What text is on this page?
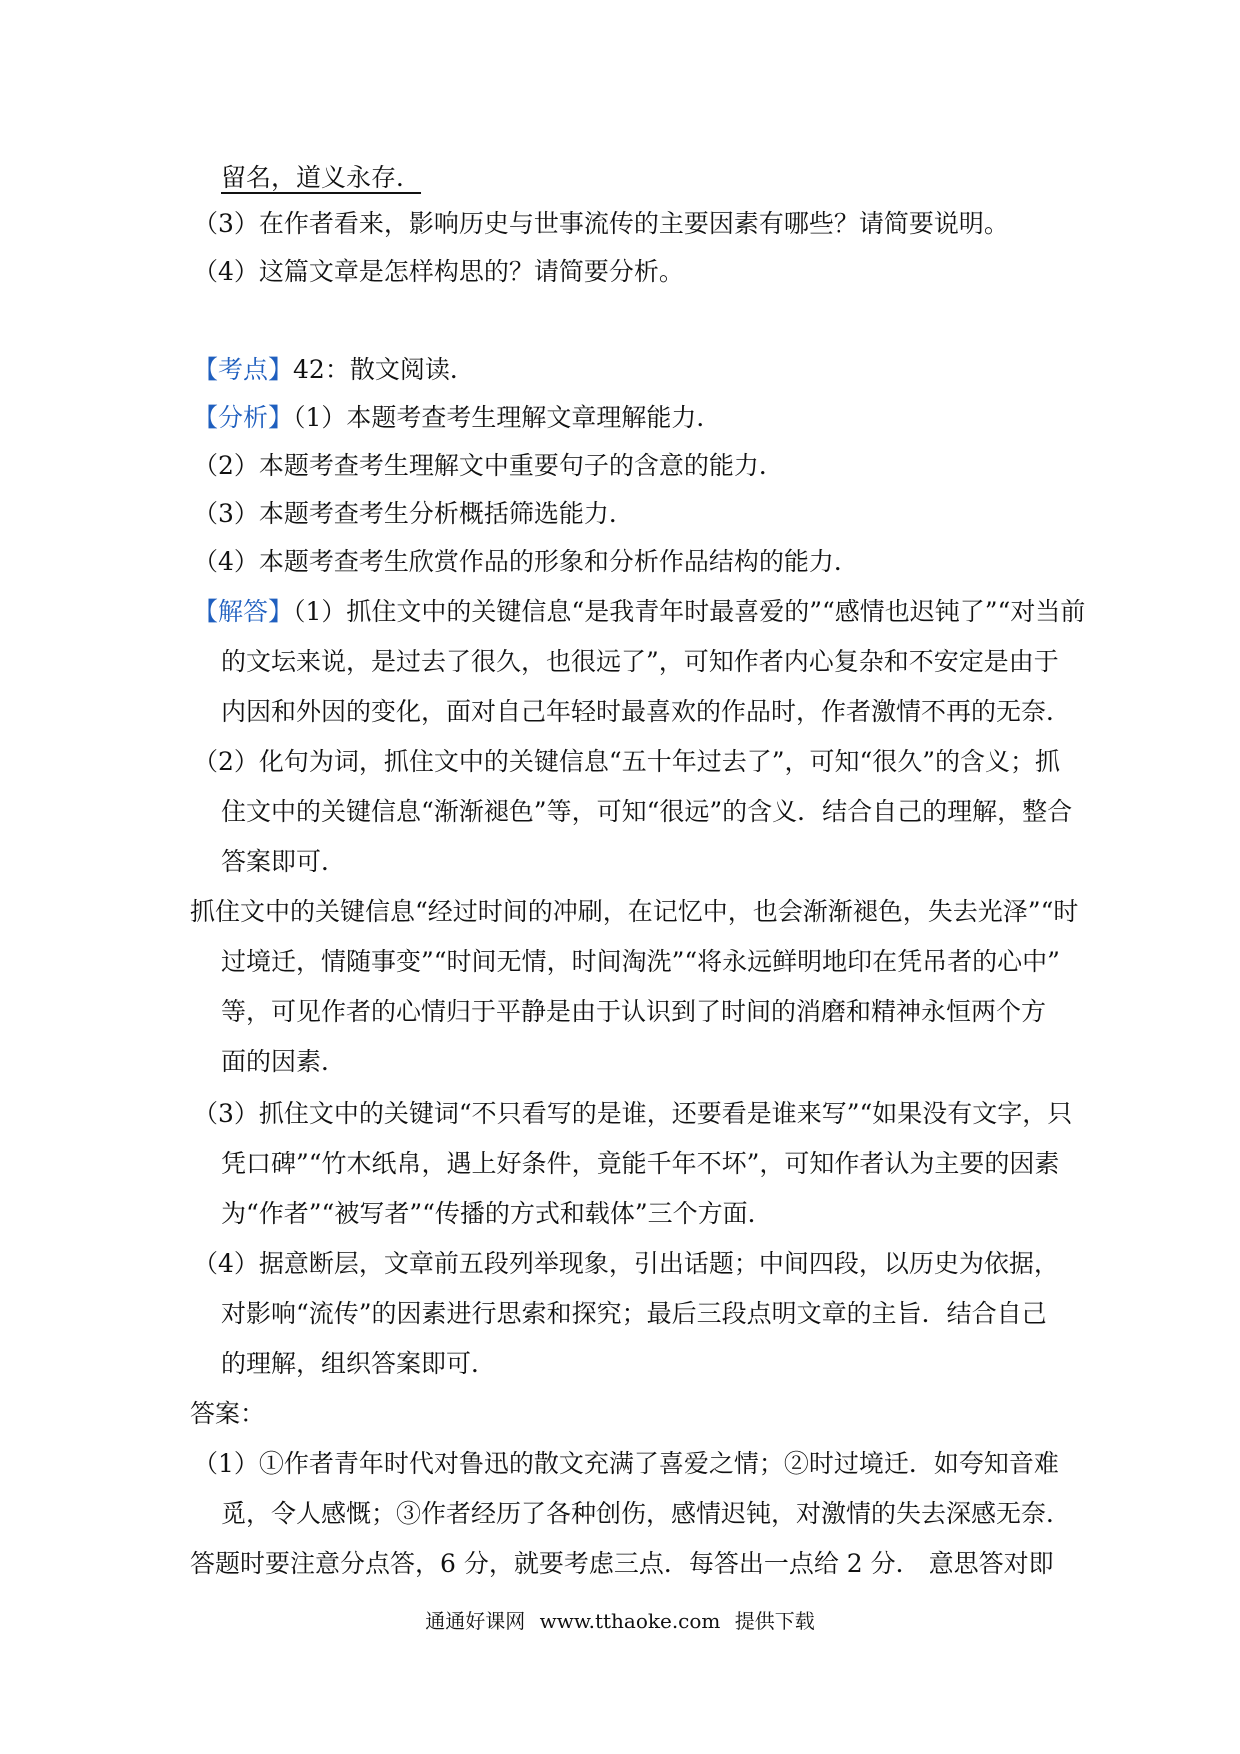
留名，道义永存．
（3）在作者看来，影响历史与世事流传的主要因素有哪些？请简要说明。
（4）这篇文章是怎样构思的？请简要分析。
【考点】42：散文阅读．
【分析】（1）本题考查考生理解文章理解能力．
（2）本题考查考生理解文中重要句子的含意的能力．
（3）本题考查考生分析概括筛选能力．
（4）本题考查考生欣赏作品的形象和分析作品结构的能力．
【解答】（1）抓住文中的关键信息“是我青年时最喜爱的”“感情也迟钝了”“对当前
的文坛来说，是过去了很久，也很远了”，可知作者内心复杂和不安定是由于
内因和外因的变化，面对自己年轻时最喜欢的作品时，作者激情不再的无奈．
（2）化句为词，抓住文中的关键信息“五十年过去了”，可知“很久”的含义；抓
住文中的关键信息“渐渐褪色”等，可知“很远”的含义．结合自己的理解，整合
答案即可．
抓住文中的关键信息“经过时间的冲刷，在记忆中，也会渐渐褪色，失去光泽”“时
过境迁，情随事变”“时间无情，时间淘洗”“将永远鲜明地印在凭吊者的心中”
等，可见作者的心情归于平静是由于认识到了时间的消磨和精神永恒两个方
面的因素．
（3）抓住文中的关键词“不只看写的是谁，还要看是谁来写”“如果没有文字，只
凭口碑”“竹木纸帛，遇上好条件，竟能千年不坏”，可知作者认为主要的因素
为“作者”“被写者”“传播的方式和载体”三个方面．
（4）据意断层，文章前五段列举现象，引出话题；中间四段，以历史为依据，
对影响“流传”的因素进行思索和探究；最后三段点明文章的主旨．结合自己
的理解，组织答案即可．
答案：
（1）①作者青年时代对鲁迅的散文充满了喜爱之情；②时过境迁．如夸知音难
觅，令人感慨；③作者经历了各种创伤，感情迟钝，对激情的失去深感无奈．
答题时要注意分点答，6 分，就要考虑三点．每答出一点给 2 分． 意思答对即
通通好课网 www.tthaoke.com 提供下载
